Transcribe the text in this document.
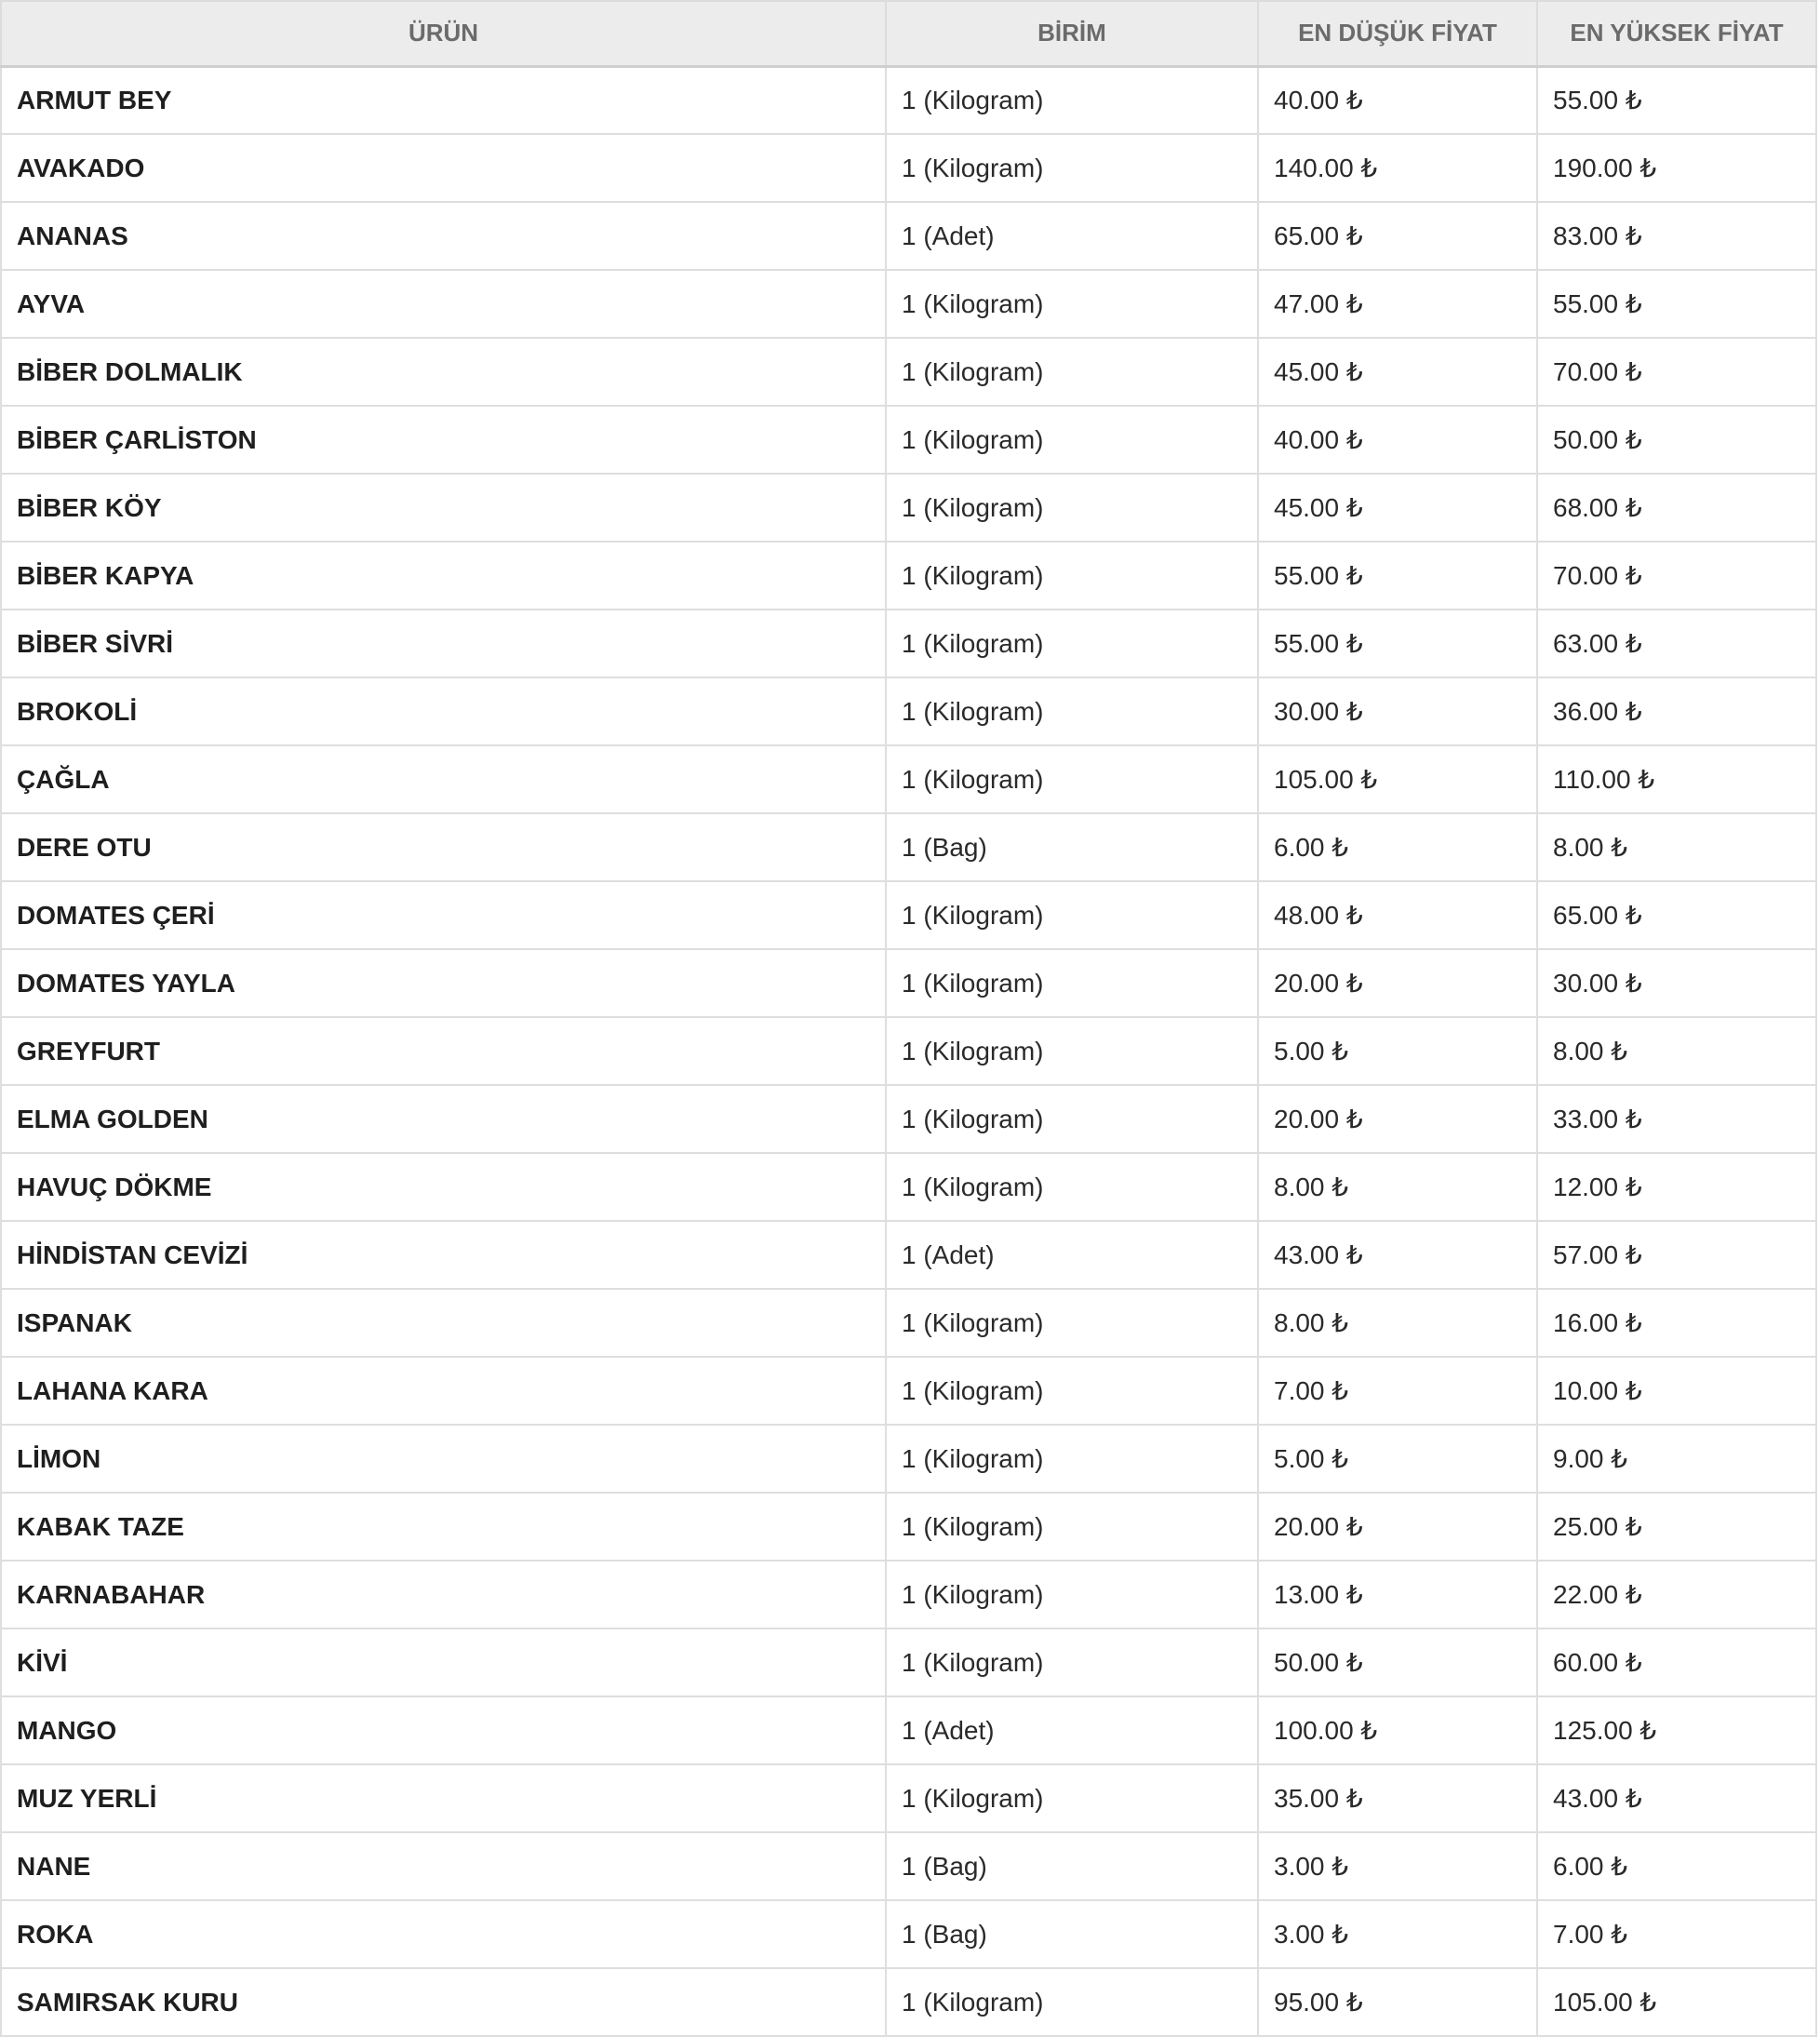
ÜRÜN	BİRİM	EN DÜŞÜK FİYAT	EN YÜKSEK FİYAT
ARMUT BEY	1 (Kilogram)	40.00 ₺	55.00 ₺
AVAKADO	1 (Kilogram)	140.00 ₺	190.00 ₺
ANANAS	1 (Adet)	65.00 ₺	83.00 ₺
AYVA	1 (Kilogram)	47.00 ₺	55.00 ₺
BİBER DOLMALIK	1 (Kilogram)	45.00 ₺	70.00 ₺
BİBER ÇARLİSTON	1 (Kilogram)	40.00 ₺	50.00 ₺
BİBER KÖY	1 (Kilogram)	45.00 ₺	68.00 ₺
BİBER KAPYA	1 (Kilogram)	55.00 ₺	70.00 ₺
BİBER SİVRİ	1 (Kilogram)	55.00 ₺	63.00 ₺
BROKOLİ	1 (Kilogram)	30.00 ₺	36.00 ₺
ÇAĞLA	1 (Kilogram)	105.00 ₺	110.00 ₺
DERE OTU	1 (Bag)	6.00 ₺	8.00 ₺
DOMATES ÇERİ	1 (Kilogram)	48.00 ₺	65.00 ₺
DOMATES YAYLA	1 (Kilogram)	20.00 ₺	30.00 ₺
GREYFURT	1 (Kilogram)	5.00 ₺	8.00 ₺
ELMA GOLDEN	1 (Kilogram)	20.00 ₺	33.00 ₺
HAVUÇ DÖKME	1 (Kilogram)	8.00 ₺	12.00 ₺
HİNDİSTAN CEVİZİ	1 (Adet)	43.00 ₺	57.00 ₺
ISPANAK	1 (Kilogram)	8.00 ₺	16.00 ₺
LAHANA KARA	1 (Kilogram)	7.00 ₺	10.00 ₺
LİMON	1 (Kilogram)	5.00 ₺	9.00 ₺
KABAK TAZE	1 (Kilogram)	20.00 ₺	25.00 ₺
KARNABAHAR	1 (Kilogram)	13.00 ₺	22.00 ₺
KİVİ	1 (Kilogram)	50.00 ₺	60.00 ₺
MANGO	1 (Adet)	100.00 ₺	125.00 ₺
MUZ YERLİ	1 (Kilogram)	35.00 ₺	43.00 ₺
NANE	1 (Bag)	3.00 ₺	6.00 ₺
ROKA	1 (Bag)	3.00 ₺	7.00 ₺
SAMIRSAK KURU	1 (Kilogram)	95.00 ₺	105.00 ₺
